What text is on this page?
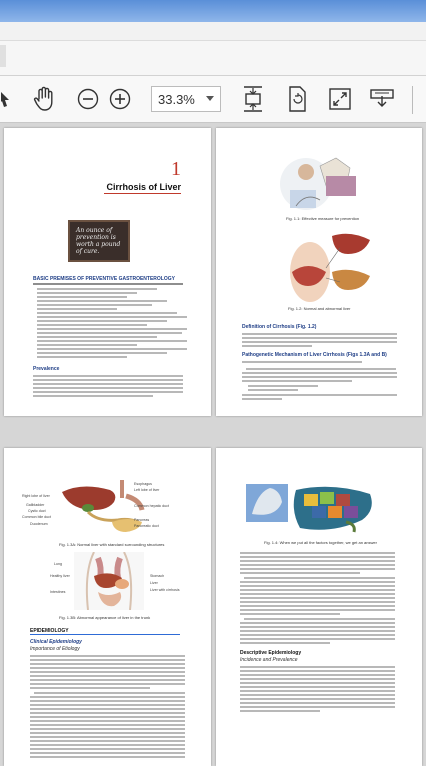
33.3%
1
Cirrhosis of Liver
An ounce of prevention is worth a pound of cure.
BASIC PREMISES OF PREVENTIVE GASTROENTEROLOGY
Prevalence
Fig. 1.1: Effective measure for prevention
Fig. 1.2: Normal and abnormal liver
Definition of Cirrhosis (Fig. 1.2)
Pathogenetic Mechanism of Liver Cirrhosis (Figs 1.3A and B)
Esophagus
Left lobe of liver
Right lobe of liver
Gallbladder	Common hepatic duct
Cystic duct
Common bile duct
Pancreas
Duodenum	Pancreatic duct
Fig. 1.3A: Normal liver with standard surrounding structures
Lung
Healthy liver
Liver with cirrhosis
Stomach
Liver
Intestines
Fig. 1.3B: Abnormal appearance of liver in the trunk
EPIDEMIOLOGY
Clinical Epidemiology
Importance of Etiology
Fig. 1.4: When we put all the factors together, we get an answer
Descriptive Epidemiology
Incidence and Prevalence
